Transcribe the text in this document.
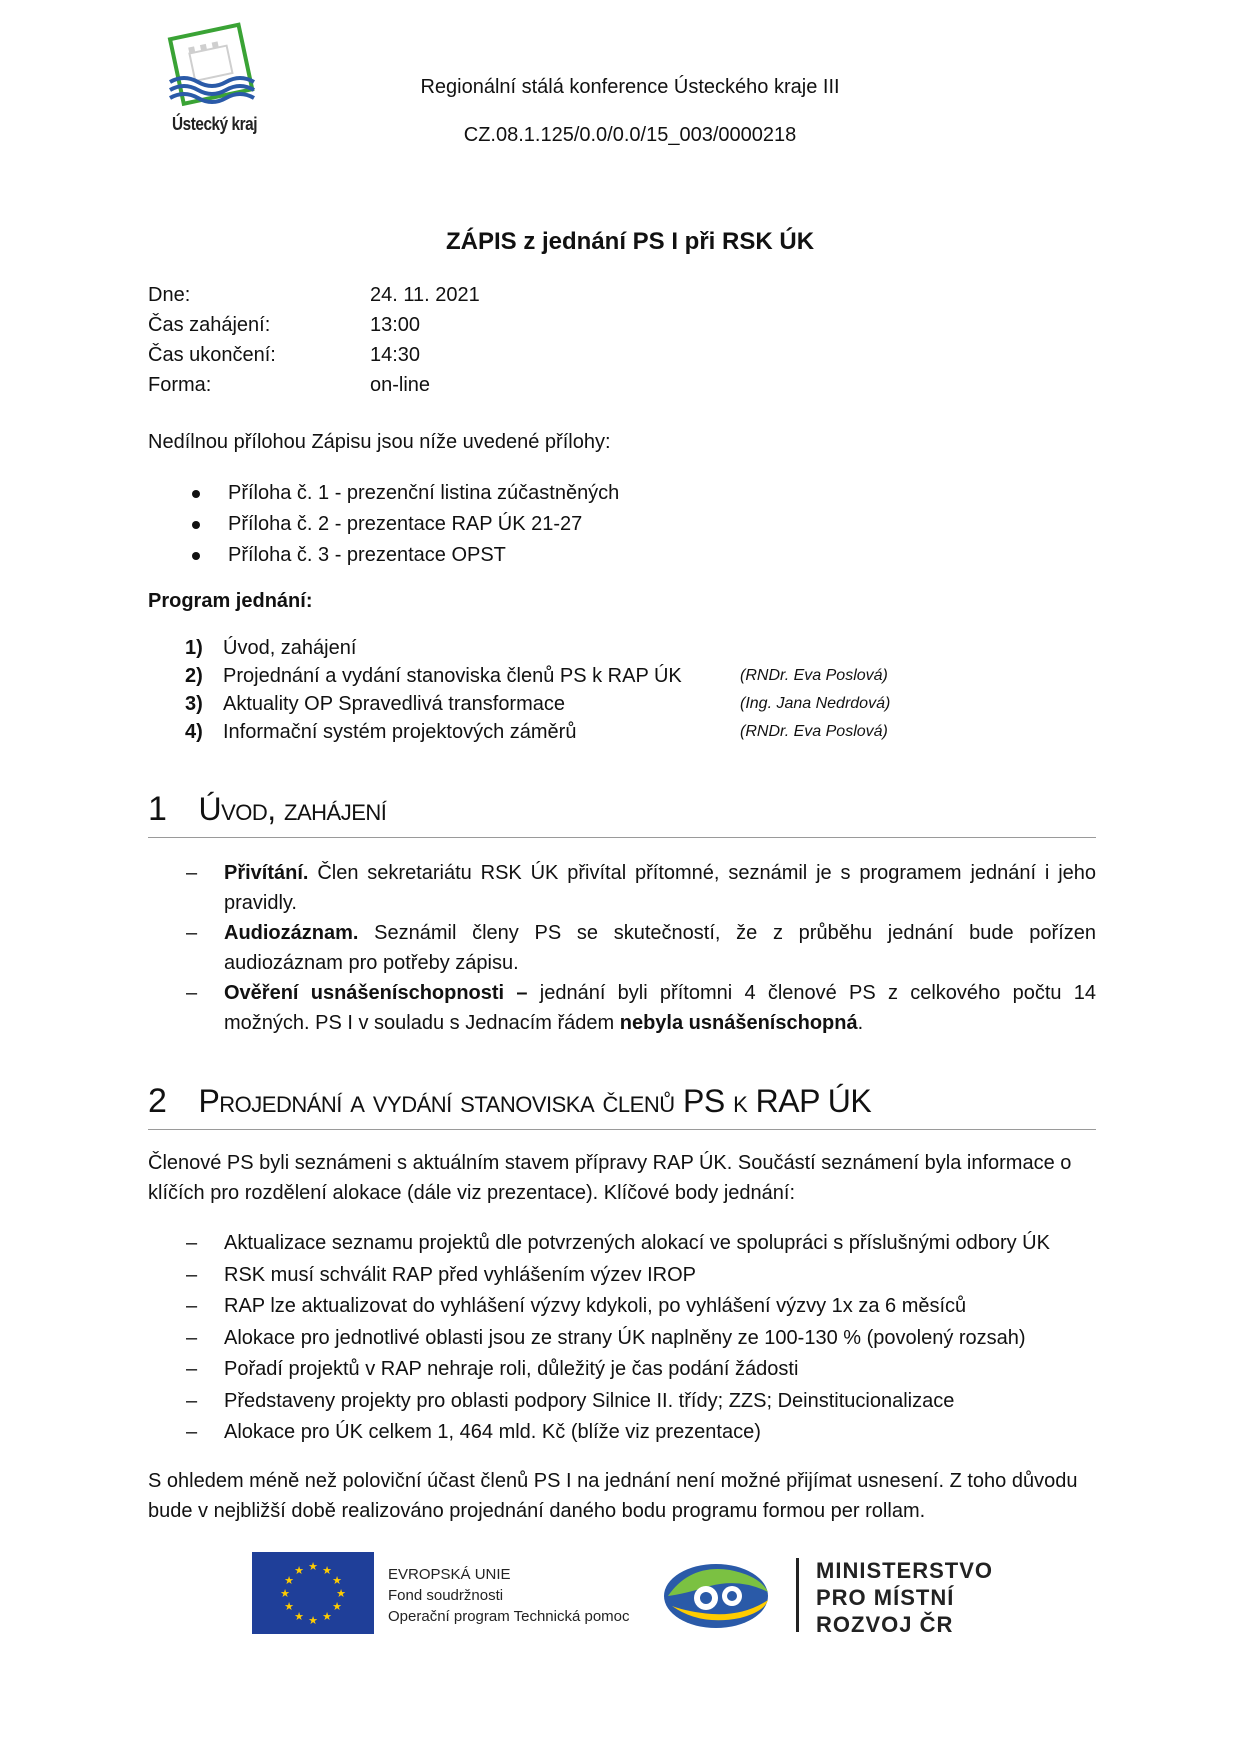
Ústecký kraj
Regionální stálá konference Ústeckého kraje III
CZ.08.1.125/0.0/0.0/15_003/0000218
ZÁPIS z jednání PS I při RSK ÚK
Dne:	24. 11. 2021
Čas zahájení:	13:00
Čas ukončení:	14:30
Forma:	on-line
Nedílnou přílohou Zápisu jsou níže uvedené přílohy:
Příloha č. 1 - prezenční listina zúčastněných
Příloha č. 2 - prezentace RAP ÚK 21-27
Příloha č. 3 - prezentace OPST
Program jednání:
1) Úvod, zahájení
2) Projednání a vydání stanoviska členů PS k RAP ÚK	(RNDr. Eva Poslová)
3) Aktuality OP Spravedlivá transformace	(Ing. Jana Nedrdová)
4) Informační systém projektových záměrů	(RNDr. Eva Poslová)
1 Úvod, zahájení
– Přivítání. Člen sekretariátu RSK ÚK přivítal přítomné, seznámil je s programem jednání i jeho pravidly.
– Audiozáznam. Seznámil členy PS se skutečností, že z průběhu jednání bude pořízen audiozáznam pro potřeby zápisu.
– Ověření usnášeníschopnosti – jednání byli přítomni 4 členové PS z celkového počtu 14 možných. PS I v souladu s Jednacím řádem nebyla usnášeníschopná.
2 Projednání a vydání stanoviska členů PS k RAP ÚK
Členové PS byli seznámeni s aktuálním stavem přípravy RAP ÚK. Součástí seznámení byla informace o klíčích pro rozdělení alokace (dále viz prezentace). Klíčové body jednání:
– Aktualizace seznamu projektů dle potvrzených alokací ve spolupráci s příslušnými odbory ÚK
– RSK musí schválit RAP před vyhlášením výzev IROP
– RAP lze aktualizovat do vyhlášení výzvy kdykoli, po vyhlášení výzvy 1x za 6 měsíců
– Alokace pro jednotlivé oblasti jsou ze strany ÚK naplněny ze 100-130 % (povolený rozsah)
– Pořadí projektů v RAP nehraje roli, důležitý je čas podání žádosti
– Představeny projekty pro oblasti podpory Silnice II. třídy; ZZS; Deinstitucionalizace
– Alokace pro ÚK celkem 1, 464 mld. Kč (blíže viz prezentace)
S ohledem méně než poloviční účast členů PS I na jednání není možné přijímat usnesení. Z toho důvodu bude v nejbližší době realizováno projednání daného bodu programu formou per rollam.
★ ★
★
★
★
★
★
★
★
★
★
★	EVROPSKÁ UNIE
Fond soudržnosti
Operační program Technická pomoc
MINISTERSTVO
PRO MÍSTNÍ
ROZVOJ ČR
